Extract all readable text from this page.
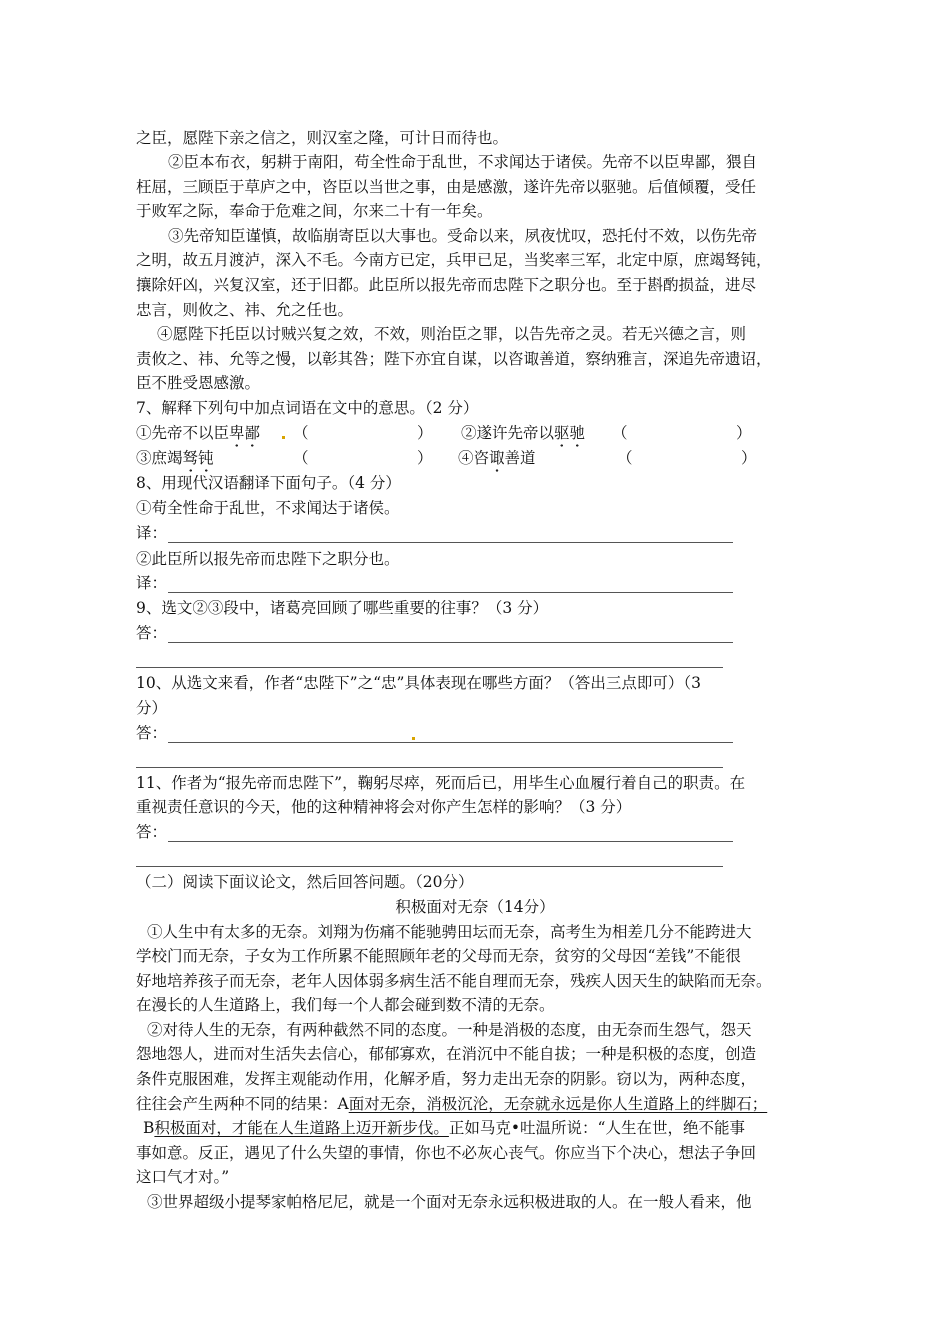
之臣，愿陛下亲之信之，则汉室之隆，可计日而待也。
②臣本布衣，躬耕于南阳，苟全性命于乱世，不求闻达于诸侯。先帝不以臣卑鄙，猥自
枉屈，三顾臣于草庐之中，咨臣以当世之事，由是感激，遂许先帝以驱驰。后值倾覆，受任
于败军之际，奉命于危难之间，尔来二十有一年矣。
③先帝知臣谨慎，故临崩寄臣以大事也。受命以来，夙夜忧叹，恐托付不效，以伤先帝
之明，故五月渡泸，深入不毛。今南方已定，兵甲已足，当奖率三军，北定中原，庶竭驽钝，
攘除奸凶，兴复汉室，还于旧都。此臣所以报先帝而忠陛下之职分也。至于斟酌损益，进尽
忠言，则攸之、祎、允之任也。
④愿陛下托臣以讨贼兴复之效，不效，则治臣之罪，以告先帝之灵。若无兴德之言，则
责攸之、祎、允等之慢，以彰其咎；陛下亦宜自谋，以咨诹善道，察纳雅言，深追先帝遗诏，
臣不胜受恩感激。
7、解释下列句中加点词语在文中的意思。（2 分）
①先帝不以臣卑鄙 （　　　　　　　） ②遂许先帝以驱驰 （　　　　　　　）
③庶竭驽钝	（　　　　　　　） ④咨诹善道	（　　　　　　　）
8、用现代汉语翻译下面句子。（4 分）
①苟全性命于乱世，不求闻达于诸侯。
译：
②此臣所以报先帝而忠陛下之职分也。
译：
9、选文②③段中，诸葛亮回顾了哪些重要的往事？（3 分）
答：
10、从选文来看，作者“忠陛下”之“忠”具体表现在哪些方面？（答出三点即可）（3
分）
答：
11、作者为“报先帝而忠陛下”，鞠躬尽瘁，死而后已，用毕生心血履行着自己的职责。在
重视责任意识的今天，他的这种精神将会对你产生怎样的影响？（3 分）
答：
（二）阅读下面议论文，然后回答问题。（20分）
积极面对无奈（14分）
①人生中有太多的无奈。刘翔为伤痛不能驰骋田坛而无奈，高考生为相差几分不能跨进大
学校门而无奈，子女为工作所累不能照顾年老的父母而无奈，贫穷的父母因“差钱”不能很
好地培养孩子而无奈，老年人因体弱多病生活不能自理而无奈，残疾人因天生的缺陷而无奈。
在漫长的人生道路上，我们每一个人都会碰到数不清的无奈。
②对待人生的无奈，有两种截然不同的态度。一种是消极的态度，由无奈而生怨气，怨天
怨地怨人，进而对生活失去信心，郁郁寡欢，在消沉中不能自拔；一种是积极的态度，创造
条件克服困难，发挥主观能动作用，化解矛盾，努力走出无奈的阴影。窃以为，两种态度，
往往会产生两种不同的结果：A面对无奈，消极沉沦，无奈就永远是你人生道路上的绊脚石；
B积极面对，才能在人生道路上迈开新步伐。正如马克•吐温所说：“人生在世，绝不能事
事如意。反正，遇见了什么失望的事情，你也不必灰心丧气。你应当下个决心，想法子争回
这口气才对。”
③世界超级小提琴家帕格尼尼，就是一个面对无奈永远积极进取的人。在一般人看来，他
